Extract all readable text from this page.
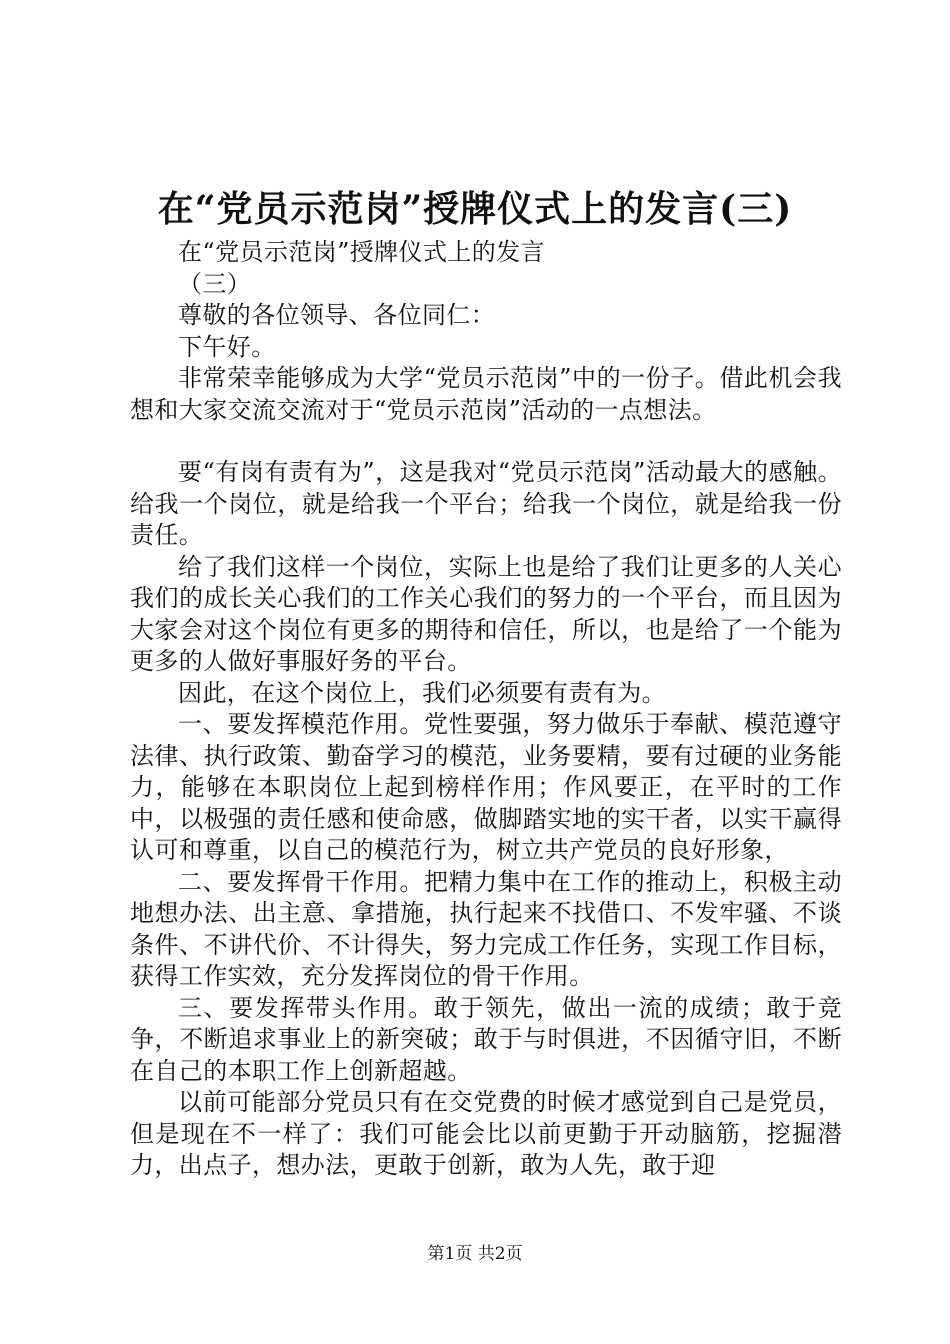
在“党员示范岗”授牌仪式上的发言(三)

在“党员示范岗”授牌仪式上的发言

（三）

尊敬的各位领导、各位同仁：

下午好。

非常荣幸能够成为大学“党员示范岗”中的一份子。借此机会我想和大家交流交流对于“党员示范岗”活动的一点想法。

要“有岗有责有为”，这是我对“党员示范岗”活动最大的感触。给我一个岗位，就是给我一个平台；给我一个岗位，就是给我一份责任。

给了我们这样一个岗位，实际上也是给了我们让更多的人关心我们的成长关心我们的工作关心我们的努力的一个平台，而且因为大家会对这个岗位有更多的期待和信任，所以，也是给了一个能为更多的人做好事服好务的平台。

因此，在这个岗位上，我们必须要有责有为。

一、要发挥模范作用。党性要强，努力做乐于奉献、模范遵守法律、执行政策、勤奋学习的模范，业务要精，要有过硬的业务能力，能够在本职岗位上起到榜样作用；作风要正，在平时的工作中，以极强的责任感和使命感，做脚踏实地的实干者，以实干赢得认可和尊重，以自己的模范行为，树立共产党员的良好形象，

二、要发挥骨干作用。把精力集中在工作的推动上，积极主动地想办法、出主意、拿措施，执行起来不找借口、不发牢骚、不谈条件、不讲代价、不计得失，努力完成工作任务，实现工作目标，获得工作实效，充分发挥岗位的骨干作用。

三、要发挥带头作用。敢于领先，做出一流的成绩；敢于竞争，不断追求事业上的新突破；敢于与时俱进，不因循守旧，不断在自己的本职工作上创新超越。

以前可能部分党员只有在交党费的时候才感觉到自己是党员，但是现在不一样了：我们可能会比以前更勤于开动脑筋，挖掘潜力，出点子，想办法，更敢于创新，敢为人先，敢于迎

第1页 共2页
